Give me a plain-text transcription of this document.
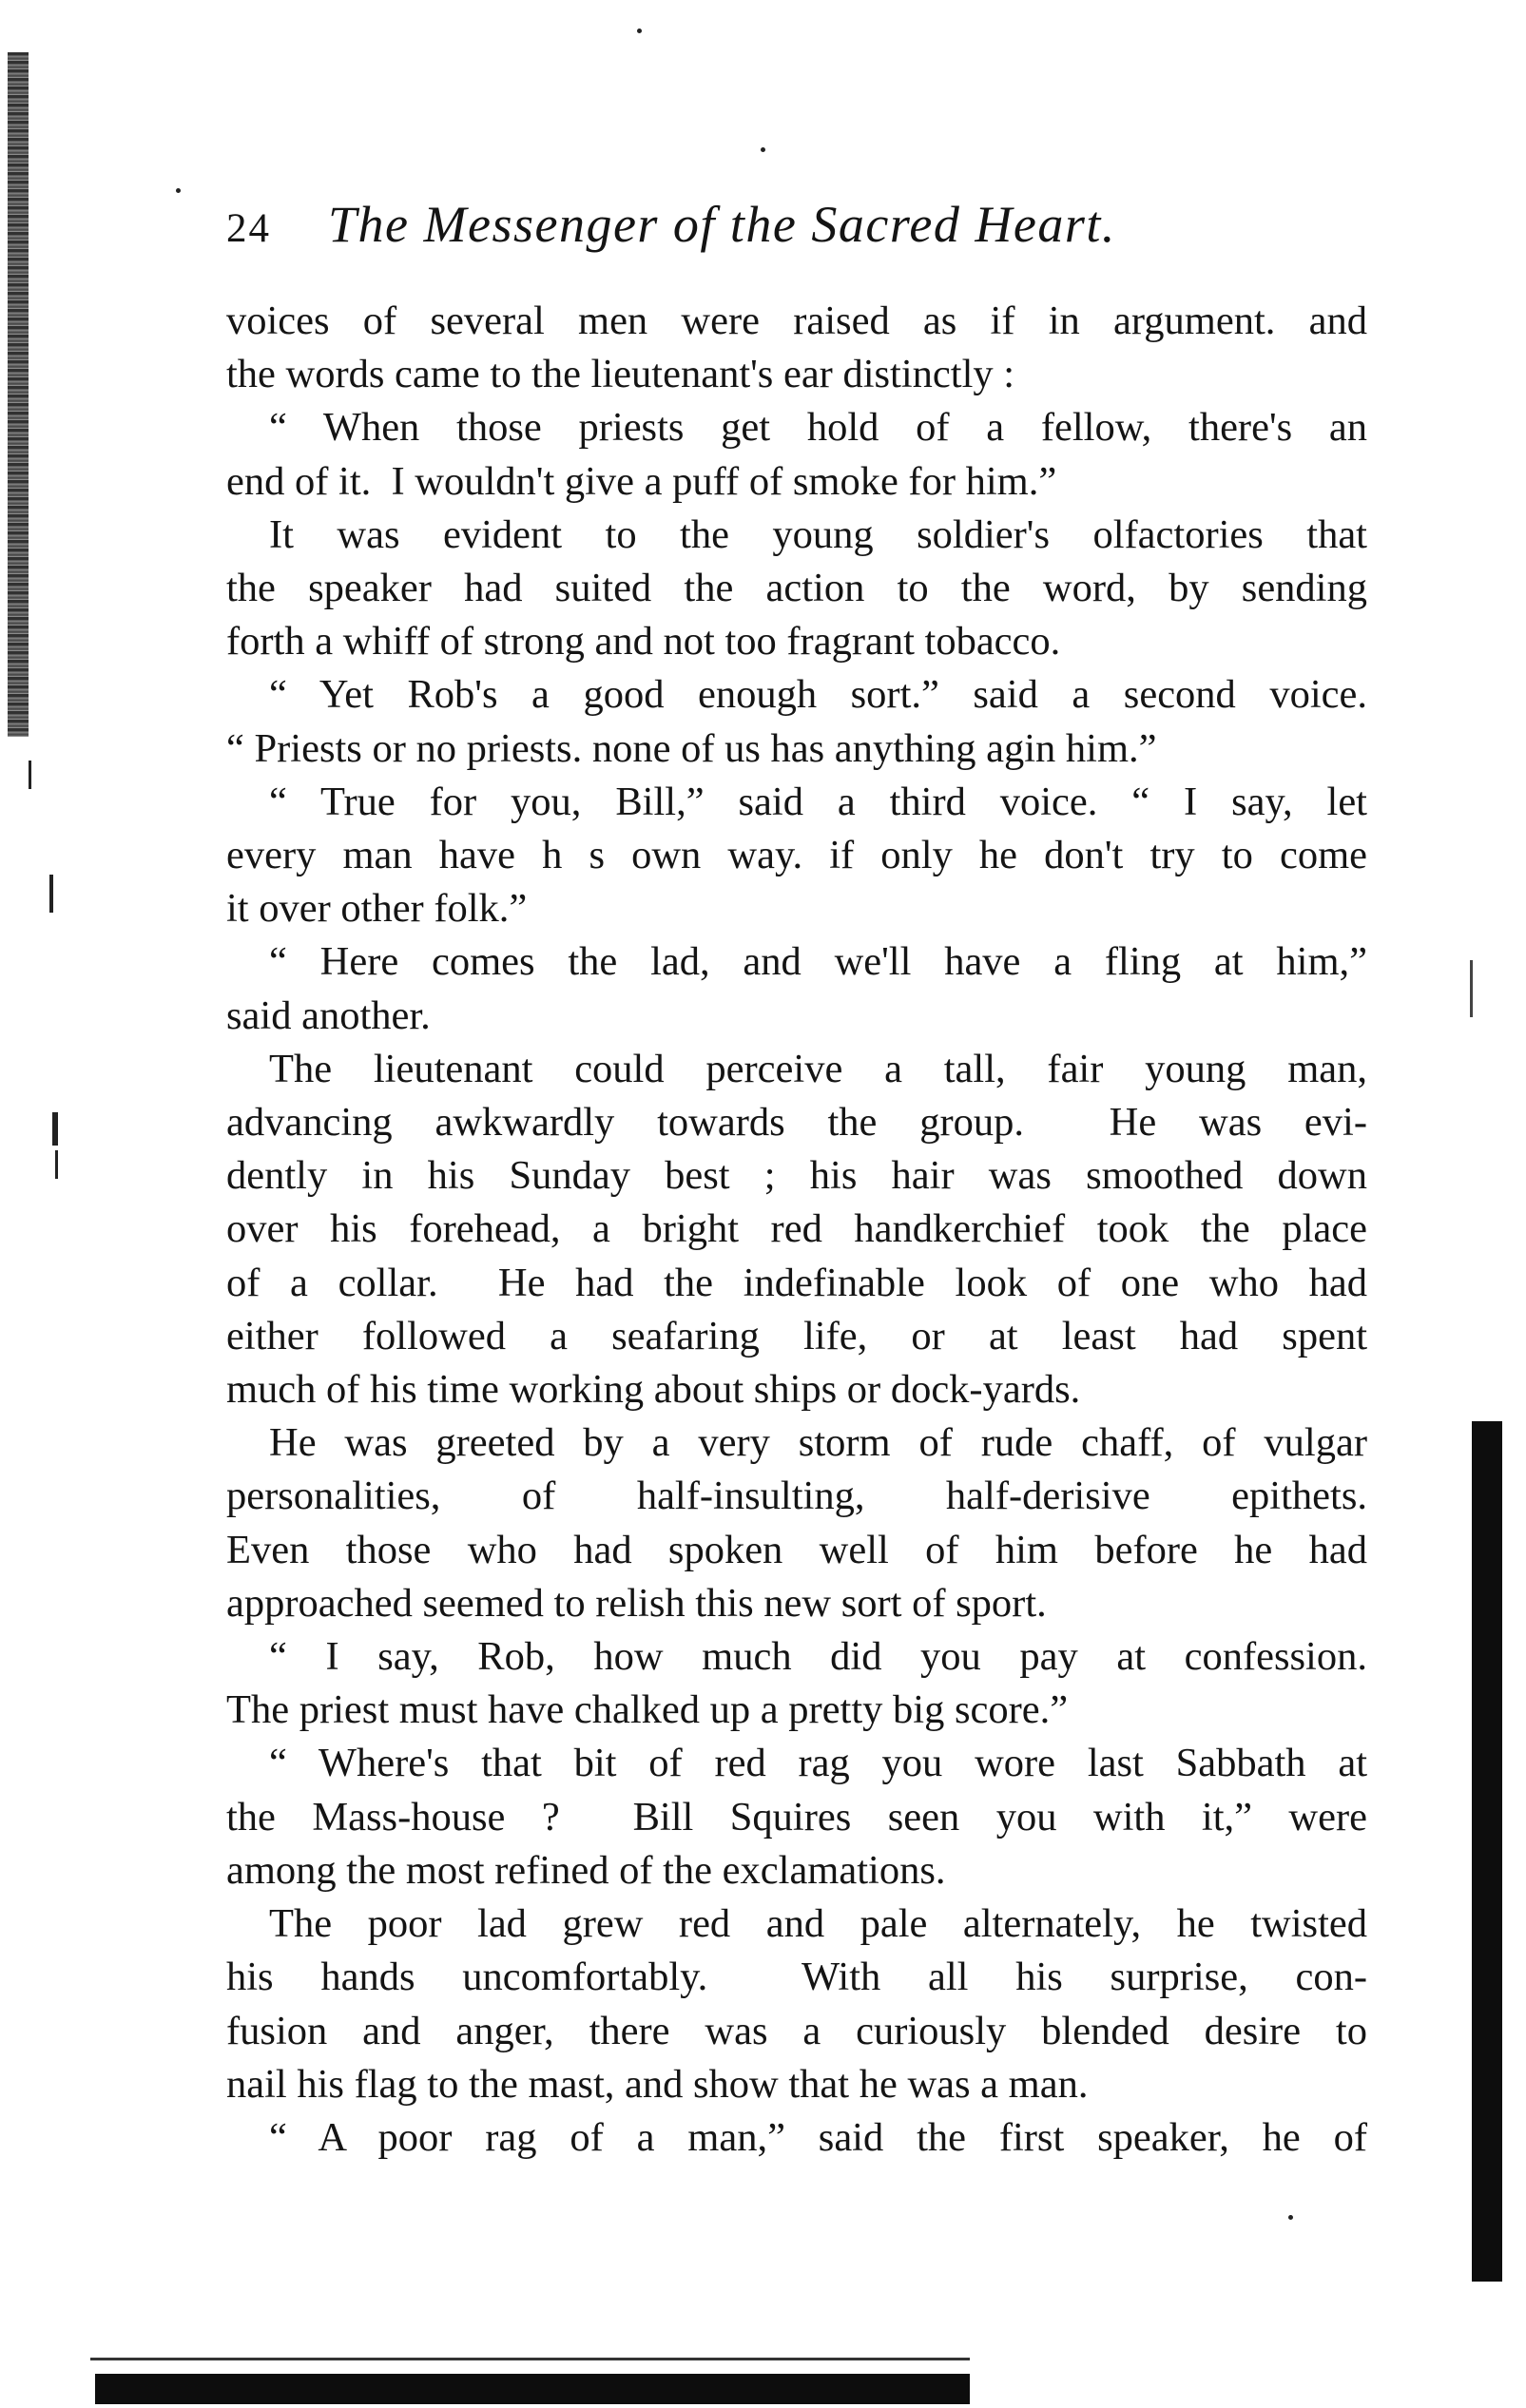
24 The Messenger of the Sacred Heart.
voices of several men were raised as if in argument. and
the words came to the lieutenant's ear distinctly :
“ When those priests get hold of a fellow, there's an
end of it.  I wouldn't give a puff of smoke for him.”
It was evident to the young soldier's olfactories that
the speaker had suited the action to the word, by sending
forth a whiff of strong and not too fragrant tobacco.
“ Yet Rob's a good enough sort.” said a second voice.
“ Priests or no priests. none of us has anything agin him.”
“ True for you, Bill,” said a third voice. “ I say, let
every man have h s own way. if only he don't try to come
it over other folk.”
“ Here comes the lad, and we'll have a fling at him,”
said another.
The lieutenant could perceive a tall, fair young man,
advancing awkwardly towards the group.  He was evi-
dently in his Sunday best ; his hair was smoothed down
over his forehead, a bright red handkerchief took the place
of a collar.  He had the indefinable look of one who had
either followed a seafaring life, or at least had spent
much of his time working about ships or dock-yards.
He was greeted by a very storm of rude chaff, of vulgar
personalities, of half-insulting, half-derisive epithets.
Even those who had spoken well of him before he had
approached seemed to relish this new sort of sport.
“ I say, Rob, how much did you pay at confession.
The priest must have chalked up a pretty big score.”
“ Where's that bit of red rag you wore last Sabbath at
the Mass-house ?  Bill Squires seen you with it,” were
among the most refined of the exclamations.
The poor lad grew red and pale alternately, he twisted
his hands uncomfortably.  With all his surprise, con-
fusion and anger, there was a curiously blended desire to
nail his flag to the mast, and show that he was a man.
“ A poor rag of a man,” said the first speaker, he of
